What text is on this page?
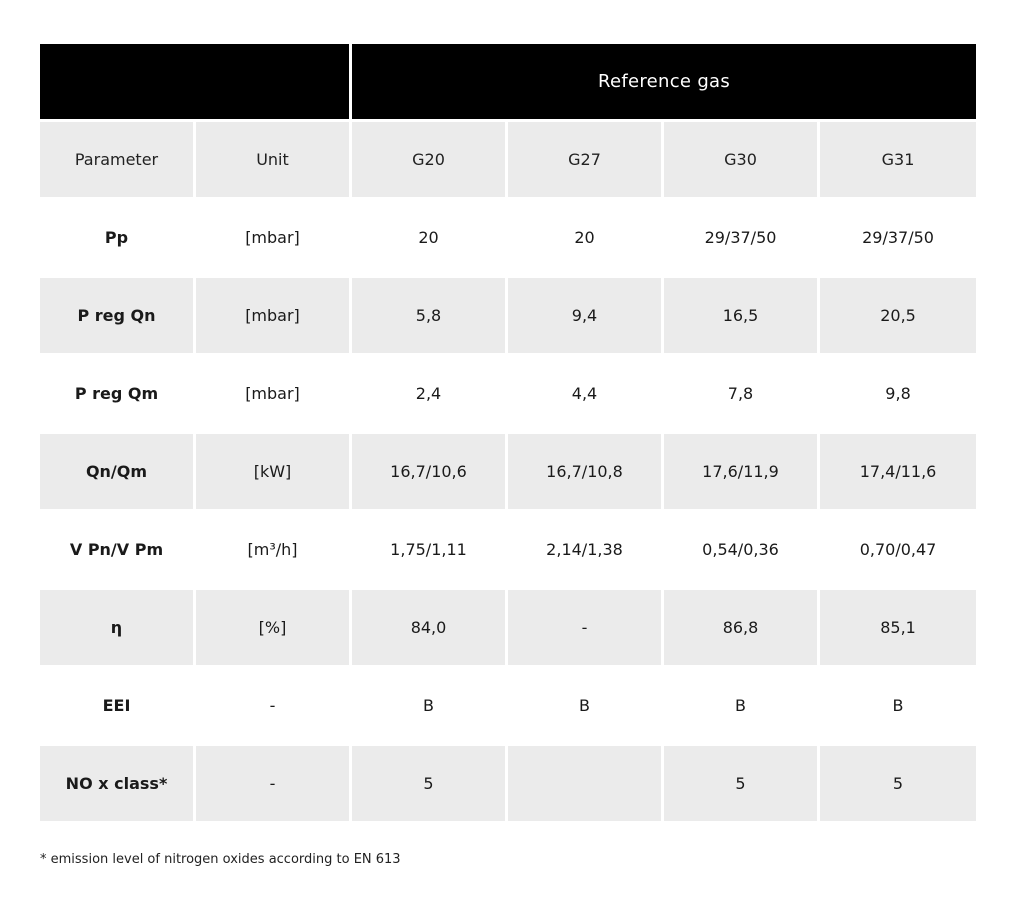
		Reference gas			
Parameter	Unit	G20	G27	G30	G31
Pp	[mbar]	20	20	29/37/50	29/37/50
P reg Qn	[mbar]	5,8	9,4	16,5	20,5
P reg Qm	[mbar]	2,4	4,4	7,8	9,8
Qn/Qm	[kW]	16,7/10,6	16,7/10,8	17,6/11,9	17,4/11,6
V Pn/V Pm	[m³/h]	1,75/1,11	2,14/1,38	0,54/0,36	0,70/0,47
η	[%]	84,0	-	86,8	85,1
EEI	-	B	B	B	B
NO x class*	-	5		5	5
* emission level of nitrogen oxides according to EN 613
